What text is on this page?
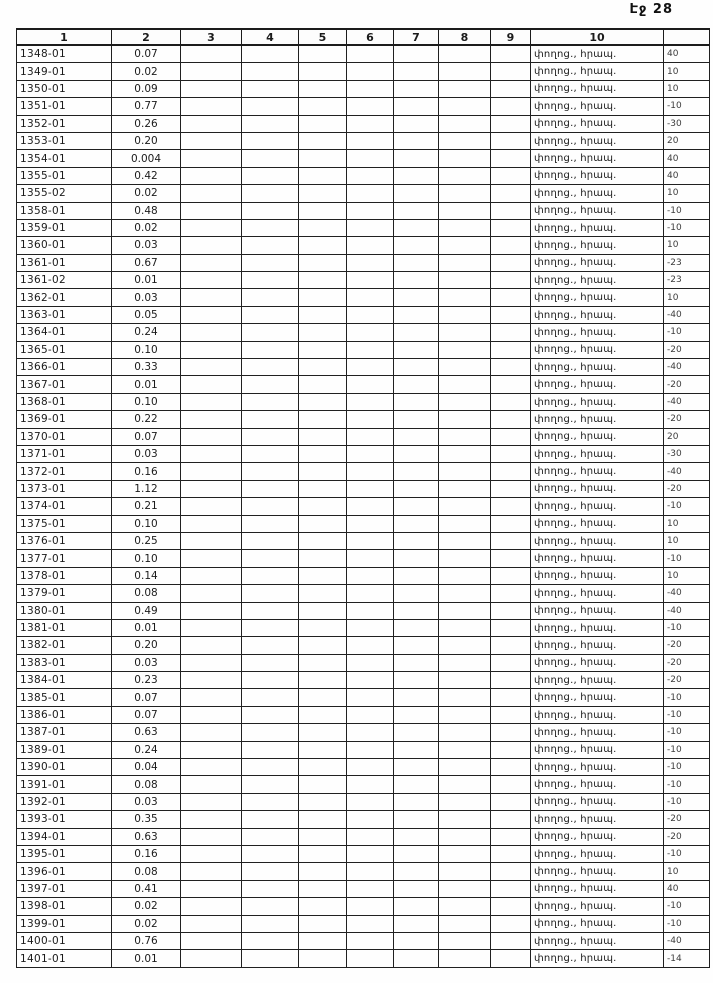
Էջ 28
1	2	3	4	5	6	7	8	9	10	
1348-01	0.07								փողոց., հրապ.	40
1349-01	0.02								փողոց., հրապ.	10
1350-01	0.09								փողոց., հրապ.	10
1351-01	0.77								փողոց., հրապ.	-10
1352-01	0.26								փողոց., հրապ.	-30
1353-01	0.20								փողոց., հրապ.	20
1354-01	0.004								փողոց., հրապ.	40
1355-01	0.42								փողոց., հրապ.	40
1355-02	0.02								փողոց., հրապ.	10
1358-01	0.48								փողոց., հրապ.	-10
1359-01	0.02								փողոց., հրապ.	-10
1360-01	0.03								փողոց., հրապ.	10
1361-01	0.67								փողոց., հրապ.	-23
1361-02	0.01								փողոց., հրապ.	-23
1362-01	0.03								փողոց., հրապ.	10
1363-01	0.05								փողոց., հրապ.	-40
1364-01	0.24								փողոց., հրապ.	-10
1365-01	0.10								փողոց., հրապ.	-20
1366-01	0.33								փողոց., հրապ.	-40
1367-01	0.01								փողոց., հրապ.	-20
1368-01	0.10								փողոց., հրապ.	-40
1369-01	0.22								փողոց., հրապ.	-20
1370-01	0.07								փողոց., հրապ.	20
1371-01	0.03								փողոց., հրապ.	-30
1372-01	0.16								փողոց., հրապ.	-40
1373-01	1.12								փողոց., հրապ.	-20
1374-01	0.21								փողոց., հրապ.	-10
1375-01	0.10								փողոց., հրապ.	10
1376-01	0.25								փողոց., հրապ.	10
1377-01	0.10								փողոց., հրապ.	-10
1378-01	0.14								փողոց., հրապ.	10
1379-01	0.08								փողոց., հրապ.	-40
1380-01	0.49								փողոց., հրապ.	-40
1381-01	0.01								փողոց., հրապ.	-10
1382-01	0.20								փողոց., հրապ.	-20
1383-01	0.03								փողոց., հրապ.	-20
1384-01	0.23								փողոց., հրապ.	-20
1385-01	0.07								փողոց., հրապ.	-10
1386-01	0.07								փողոց., հրապ.	-10
1387-01	0.63								փողոց., հրապ.	-10
1389-01	0.24								փողոց., հրապ.	-10
1390-01	0.04								փողոց., հրապ.	-10
1391-01	0.08								փողոց., հրապ.	-10
1392-01	0.03								փողոց., հրապ.	-10
1393-01	0.35								փողոց., հրապ.	-20
1394-01	0.63								փողոց., հրապ.	-20
1395-01	0.16								փողոց., հրապ.	-10
1396-01	0.08								փողոց., հրապ.	10
1397-01	0.41								փողոց., հրապ.	40
1398-01	0.02								փողոց., հրապ.	-10
1399-01	0.02								փողոց., հրապ.	-10
1400-01	0.76								փողոց., հրապ.	-40
1401-01	0.01								փողոց., հրապ.	-14
